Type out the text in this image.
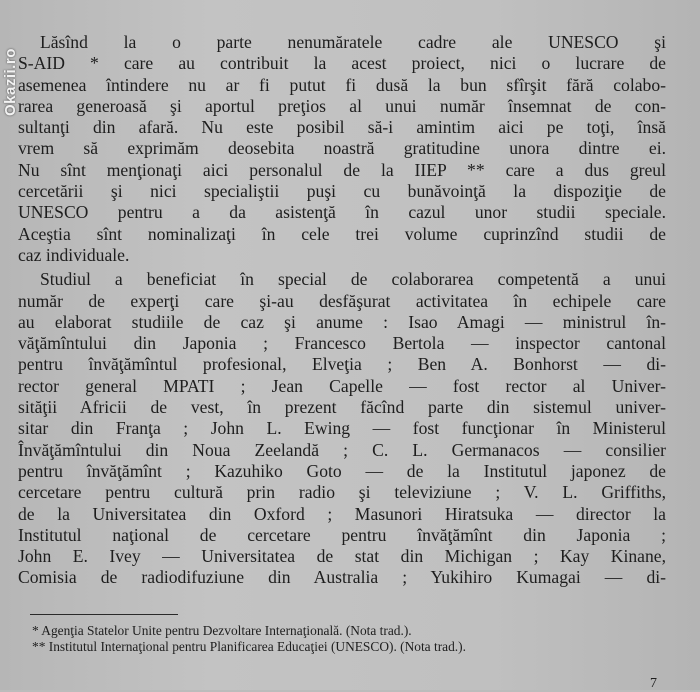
Okazii.ro
Lăsînd la o parte nenumăratele cadre ale UNESCO şi
S-AID * care au contribuit la acest proiect, nici o lucrare de
asemenea întindere nu ar fi putut fi dusă la bun sfîrşit fără colabo-
rarea generoasă şi aportul preţios al unui număr însemnat de con-
sultanţi din afară. Nu este posibil să-i amintim aici pe toţi, însă
vrem să exprimăm deosebita noastră gratitudine unora dintre ei.
Nu sînt menţionaţi aici personalul de la IIEP ** care a dus greul
cercetării şi nici specialiştii puşi cu bunăvoinţă la dispoziţie de
UNESCO pentru a da asistenţă în cazul unor studii speciale.
Aceştia sînt nominalizaţi în cele trei volume cuprinzînd studii de
caz individuale.
Studiul a beneficiat în special de colaborarea competentă a unui
număr de experţi care şi-au desfăşurat activitatea în echipele care
au elaborat studiile de caz şi anume : Isao Amagi — ministrul în-
văţămîntului din Japonia ; Francesco Bertola — inspector cantonal
pentru învăţămîntul profesional, Elveţia ; Ben A. Bonhorst — di-
rector general MPATI ; Jean Capelle — fost rector al Univer-
sităţii Africii de vest, în prezent făcînd parte din sistemul univer-
sitar din Franţa ; John L. Ewing — fost funcţionar în Ministerul
Învăţămîntului din Noua Zeelandă ; C. L. Germanacos — consilier
pentru învăţămînt ; Kazuhiko Goto — de la Institutul japonez de
cercetare pentru cultură prin radio şi televiziune ; V. L. Griffiths,
de la Universitatea din Oxford ; Masunori Hiratsuka — director la
Institutul naţional de cercetare pentru învăţămînt din Japonia ;
John E. Ivey — Universitatea de stat din Michigan ; Kay Kinane,
Comisia de radiodifuziune din Australia ; Yukihiro Kumagai — di-
* Agenţia Statelor Unite pentru Dezvoltare Internaţională. (Nota trad.).
** Institutul Internaţional pentru Planificarea Educaţiei (UNESCO). (Nota trad.).
7
